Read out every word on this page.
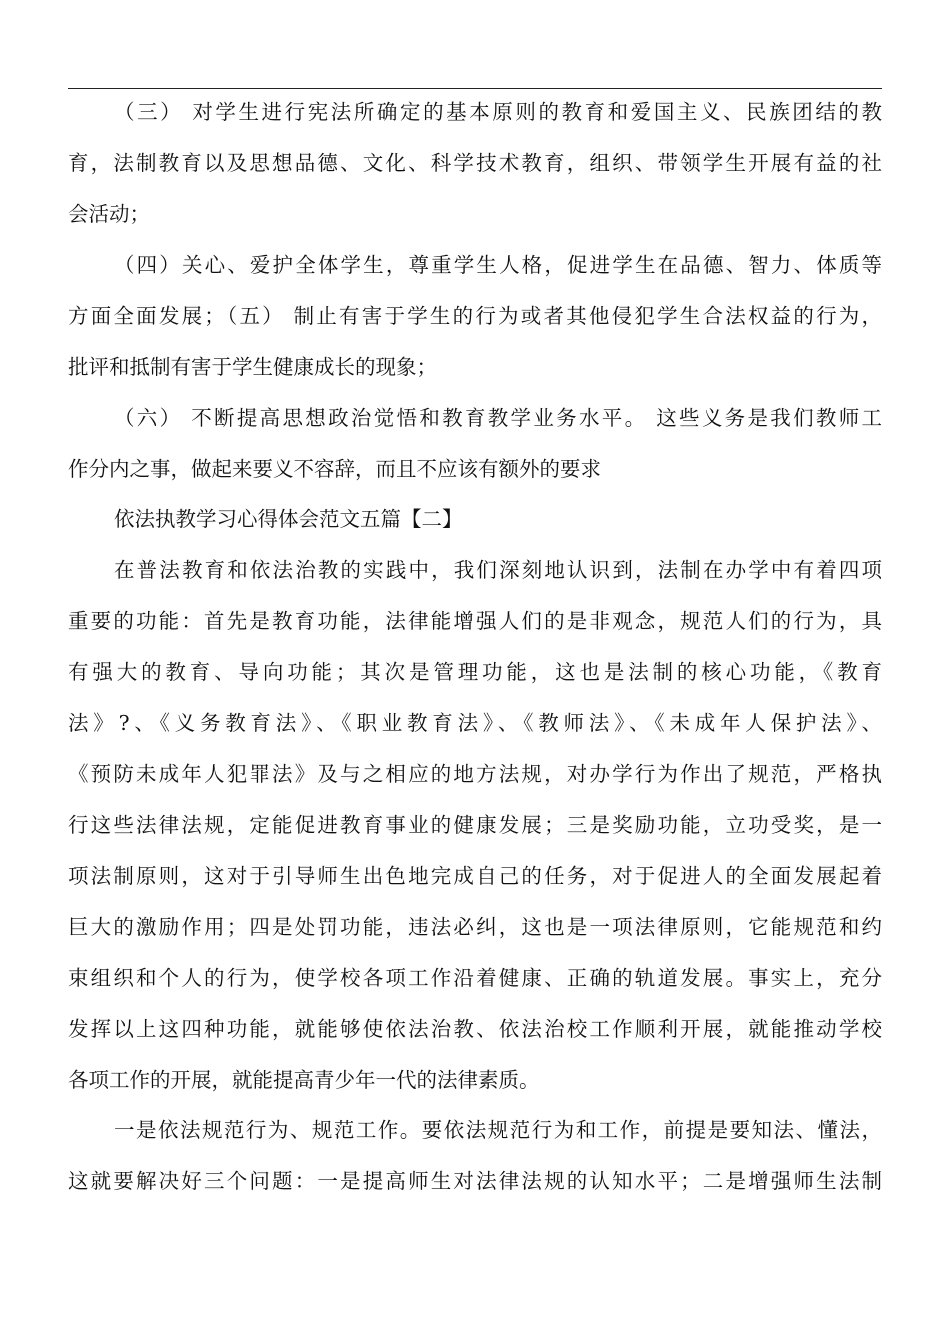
（三） 对学生进行宪法所确定的基本原则的教育和爱国主义、民族团结的教
育，法制教育以及思想品德、文化、科学技术教育，组织、带领学生开展有益的社
会活动；
（四）关心、爱护全体学生，尊重学生人格，促进学生在品德、智力、体质等
方面全面发展；（五） 制止有害于学生的行为或者其他侵犯学生合法权益的行为，
批评和抵制有害于学生健康成长的现象；
（六） 不断提高思想政治觉悟和教育教学业务水平。 这些义务是我们教师工
作分内之事，做起来要义不容辞，而且不应该有额外的要求
依法执教学习心得体会范文五篇【二】
在普法教育和依法治教的实践中，我们深刻地认识到，法制在办学中有着四项
重要的功能：首先是教育功能，法律能增强人们的是非观念，规范人们的行为，具
有强大的教育、导向功能；其次是管理功能，这也是法制的核心功能，《教育
法》?、《义务教育法》、《职业教育法》、《教师法》、《未成年人保护法》、
《预防未成年人犯罪法》及与之相应的地方法规，对办学行为作出了规范，严格执
行这些法律法规，定能促进教育事业的健康发展；三是奖励功能，立功受奖，是一
项法制原则，这对于引导师生出色地完成自己的任务，对于促进人的全面发展起着
巨大的激励作用；四是处罚功能，违法必纠，这也是一项法律原则，它能规范和约
束组织和个人的行为，使学校各项工作沿着健康、正确的轨道发展。事实上，充分
发挥以上这四种功能，就能够使依法治教、依法治校工作顺利开展，就能推动学校
各项工作的开展，就能提高青少年一代的法律素质。
一是依法规范行为、规范工作。要依法规范行为和工作，前提是要知法、懂法，
这就要解决好三个问题：一是提高师生对法律法规的认知水平；二是增强师生法制
